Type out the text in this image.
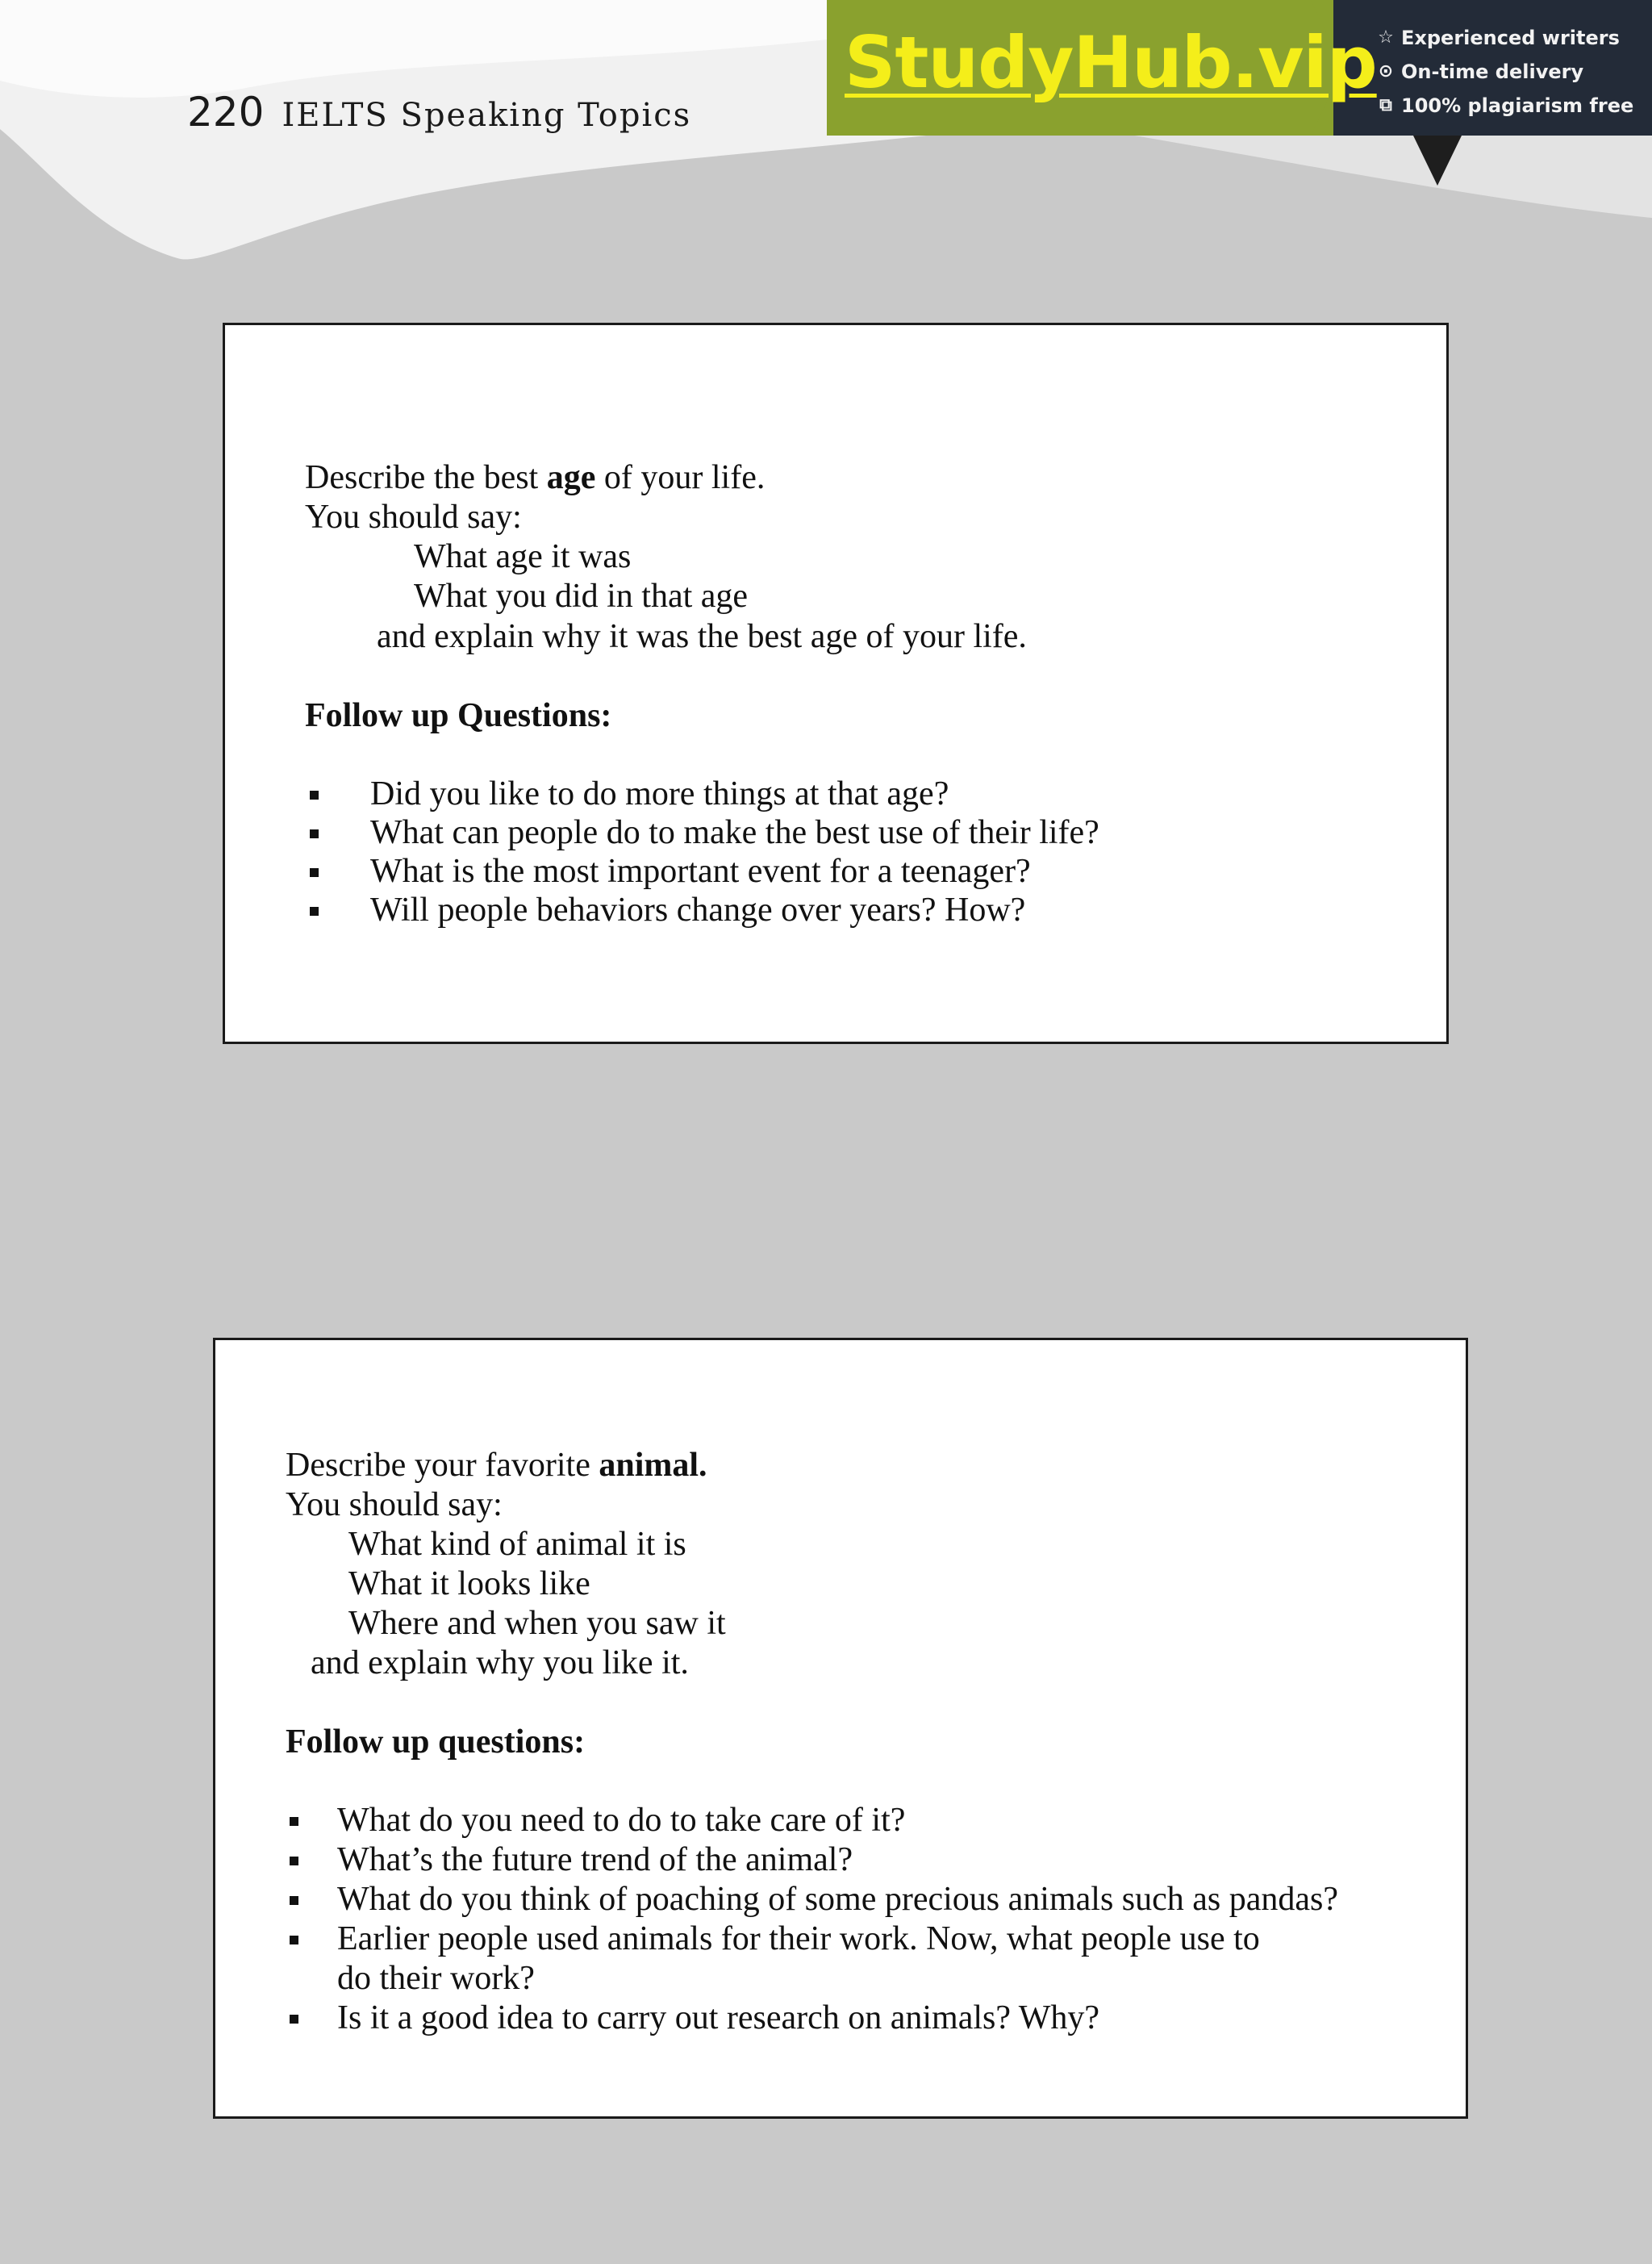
220 IELTS Speaking Topics
StudyHub.vip ☆ Experienced writers
⊙ On-time delivery
⧉ 100% plagiarism free
Describe the best age of your life.
You should say:
What age it was
What you did in that age
and explain why it was the best age of your life.
Follow up Questions:
Did you like to do more things at that age?
What can people do to make the best use of their life?
What is the most important event for a teenager?
Will people behaviors change over years? How?
Describe your favorite animal.
You should say:
What kind of animal it is
What it looks like
Where and when you saw it
and explain why you like it.
Follow up questions:
What do you need to do to take care of it?
What’s the future trend of the animal?
What do you think of poaching of some precious animals such as pandas?
Earlier people used animals for their work. Now, what people use to
do their work?
Is it a good idea to carry out research on animals? Why?
